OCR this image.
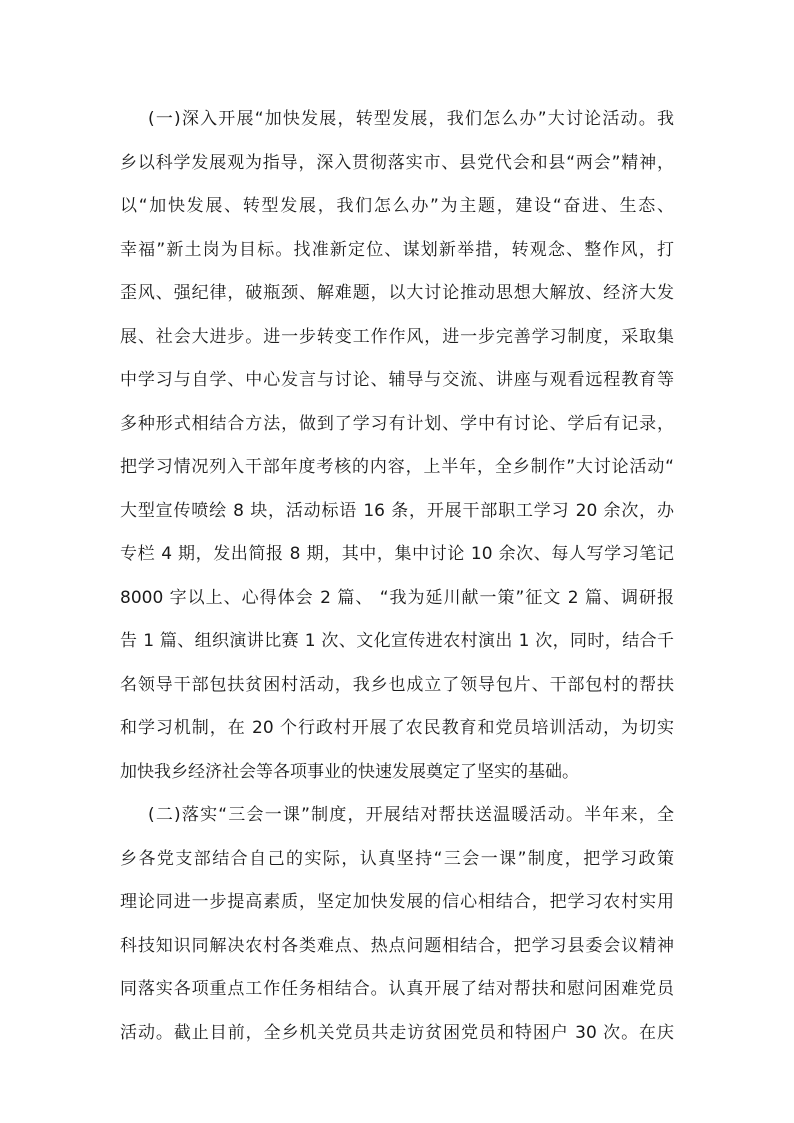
(一)深入开展“加快发展，转型发展，我们怎么办”大讨论活动。我
乡以科学发展观为指导，深入贯彻落实市、县党代会和县“两会”精神，
以“加快发展、转型发展，我们怎么办”为主题，建设“奋进、生态、
幸福”新土岗为目标。找准新定位、谋划新举措，转观念、整作风，打
歪风、强纪律，破瓶颈、解难题，以大讨论推动思想大解放、经济大发
展、社会大进步。进一步转变工作作风，进一步完善学习制度，采取集
中学习与自学、中心发言与讨论、辅导与交流、讲座与观看远程教育等
多种形式相结合方法，做到了学习有计划、学中有讨论、学后有记录，
把学习情况列入干部年度考核的内容，上半年，全乡制作”大讨论活动“
大型宣传喷绘 8 块，活动标语 16 条，开展干部职工学习 20 余次，办
专栏 4 期，发出简报 8 期，其中，集中讨论 10 余次、每人写学习笔记
8000 字以上、心得体会 2 篇、 “我为延川献一策”征文 2 篇、调研报
告 1 篇、组织演讲比赛 1 次、文化宣传进农村演出 1 次，同时，结合千
名领导干部包扶贫困村活动，我乡也成立了领导包片、干部包村的帮扶
和学习机制，在 20 个行政村开展了农民教育和党员培训活动，为切实
加快我乡经济社会等各项事业的快速发展奠定了坚实的基础。
(二)落实“三会一课”制度，开展结对帮扶送温暖活动。半年来，全
乡各党支部结合自己的实际，认真坚持“三会一课”制度，把学习政策
理论同进一步提高素质，坚定加快发展的信心相结合，把学习农村实用
科技知识同解决农村各类难点、热点问题相结合，把学习县委会议精神
同落实各项重点工作任务相结合。认真开展了结对帮扶和慰问困难党员
活动。截止目前，全乡机关党员共走访贫困党员和特困户 30 次。在庆
